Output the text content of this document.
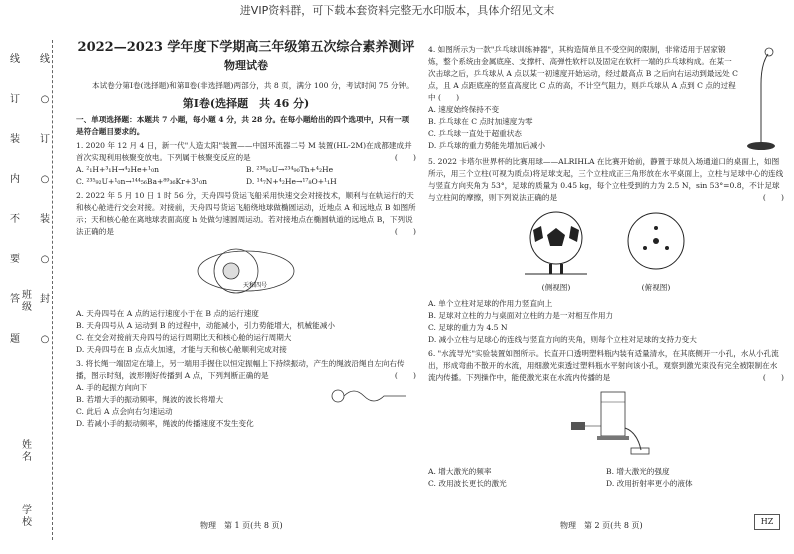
进VIP资料群，可下载本套资料完整无水印版本，具体介绍见文末
线
订
装
内
不
要
答
题
线
○
订
○
装
○
封
○
班级
姓名
学校
2022—2023 学年度下学期高三年级第五次综合素养测评
物理试卷

本试卷分第Ⅰ卷(选择题)和第Ⅱ卷(非选择题)两部分，共 8 页，满分 100 分，考试时间 75 分钟。

第Ⅰ卷(选择题　共 46 分)

一、单项选择题：本题共 7 小题，每小题 4 分，共 28 分。在每小题给出的四个选项中，只有一项是符合题目要求的。

1. 2020 年 12 月 4 日，新一代"人造太阳"装置——中国环流器二号 M 装置(HL-2M)在成都建成并首次实现利用核聚变放电。下列属于核聚变反应的是	(　　)

A. ²₁H+³₁H→⁴₂He+¹₀n	B. ²³⁸₉₂U→²³⁴₉₀Th+⁴₂He
C. ²³⁵₉₂U+¹₀n→¹⁴⁴₅₆Ba+⁸⁹₃₆Kr+3¹₀n	D. ¹⁴₇N+⁴₂He→¹⁷₈O+¹₁H

2. 2022 年 5 月 10 日 1 时 56 分，天舟四号货运飞船采用快速交会对接技术，顺利与在轨运行的天和核心舱进行交会对接。对接前，天舟四号货运飞船绕地球做椭圆运动，近地点 A 和远地点 B 如图所示；天和核心舱在离地球表面高度 h 处做匀速圆周运动。若对接地点在椭圆轨道的远地点 B，下列说法正确的是	(　　)

天和四号

A. 天舟四号在 A 点的运行速度小于在 B 点的运行速度

B. 天舟四号从 A 运动到 B 的过程中，动能减小，引力势能增大，机械能减小

C. 在交会对接前天舟四号的运行周期比天和核心舱的运行周期大

D. 天舟四号在 B 点点火加速，才能与天和核心舱顺利完成对接

3. 将长绳一端固定在墙上，另一端用手握住以恒定振幅上下持续振动，产生的绳波沿绳自左向右传播，图示时刻，波形刚好传播到 A 点，下列判断正确的是	(　　)

A. 手的起振方向向下

B. 若增大手的振动频率，绳波的波长将增大

C. 此后 A 点会向右匀速运动

D. 若减小手的振动频率，绳波的传播速度不发生变化

4. 如图所示为一款"乒乓球训练神器"，其构造简单且不受空间的限制，非常适用于居家锻炼，整个系统由金属底座、支撑杆、高弹性软杆以及固定在软杆一端的乒乓球构成。在某一次击球之后，乒乓球从 A 点以某一初速度开始运动，经过最高点 B 之后向右运动到最远处 C 点，且 A 点距底座的竖直高度比 C 点的高，不计空气阻力，则乒乓球从 A 点到 C 点的过程中 (　　)

A. 速度始终保持不变

B. 乒乓球在 C 点时加速度为零

C. 乒乓球一直处于超重状态

D. 乒乓球的重力势能先增加后减小

5. 2022 卡塔尔世界杯的比赛用球——ALRIHLA 在比赛开始前，静置于球员入场通道口的桌面上，如图所示，用三个立柱(可视为质点)将足球支起，三个立柱成正三角形放在水平桌面上，立柱与足球中心的连线与竖直方向夹角为 53°，足球的质量为 0.45 kg，每个立柱受到的力为 2.5 N，sin 53°=0.8，不计足球与立柱间的摩擦，则下列说法正确的是	(　　)

(侧视图)	(俯视图)

A. 单个立柱对足球的作用力竖直向上

B. 足球对立柱的力与桌面对立柱的力是一对相互作用力

C. 足球的重力为 4.5 N

D. 减小立柱与足球心的连线与竖直方向的夹角，则每个立柱对足球的支持力变大

6. "水流导光"实验装置如图所示。长直开口透明塑料瓶内装有适量清水，在其底侧开一小孔，水从小孔流出，形成弯曲不散开的水流，用细激光束透过塑料瓶水平射向该小孔，观察到激光束没有完全被限制在水流内传播。下列操作中，能使激光束在水流内传播的是	(　　)

A. 增大激光的频率	B. 增大激光的强度
C. 改用波长更长的激光	D. 改用折射率更小的液体
物理　第 1 页(共 8 页)	物理　第 2 页(共 8 页)	HZ
